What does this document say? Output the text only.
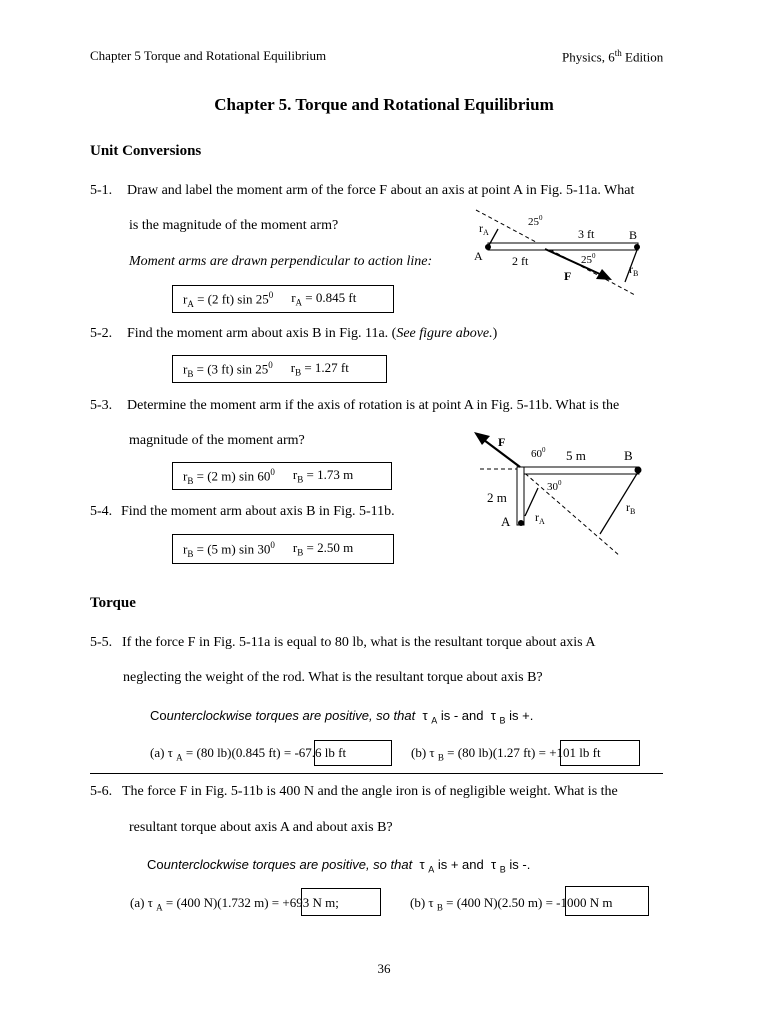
Chapter 5 Torque and Rotational Equilibrium	Physics, 6th Edition
Chapter 5. Torque and Rotational Equilibrium
Unit Conversions
5-1. Draw and label the moment arm of the force F about an axis at point A in Fig. 5-11a. What
is the magnitude of the moment arm?
Moment arms are drawn perpendicular to action line:
$r_A = (2$ ft) $\sin 25^0$ $r_A = 0.845$ ft
$r_A$
$25^0$
3 ft	B
A 2 ft	$25^0$
F	$r_B$
5-2. Find the moment arm about axis B in Fig. 11a. (See figure above.)
$r_B = (3$ ft) $\sin 25^0$ $r_B = 1.27$ ft
5-3. Determine the moment arm if the axis of rotation is at point A in Fig. 5-11b. What is the
magnitude of the moment arm?
$r_B = (2$ m) $\sin 60^0$ $r_B = 1.73$ m
5-4. Find the moment arm about axis B in Fig. 5-11b.
$r_B = (5$ m) $\sin 30^0$ $r_B = 2.50$ m
F
$60^0$ 5 m	B
$30^0$
2 m
A $r_A$
$r_B$
Torque
5-5. If the force F in Fig. 5-11a is equal to 80 lb, what is the resultant torque about axis A
neglecting the weight of the rod. What is the resultant torque about axis B?
Counterclockwise torques are positive, so that τ $_A$ is - and τ $_B$ is +.
(a) τ $_A$ = (80 lb)(0.845 ft) = -67.6 lb ft	(b) τ $_B$ = (80 lb)(1.27 ft) = +101 lb ft
5-6. The force F in Fig. 5-11b is 400 N and the angle iron is of negligible weight. What is the
resultant torque about axis A and about axis B?
Counterclockwise torques are positive, so that τ $_A$ is + and τ $_B$ is -.
(a) τ $_A$ = (400 N)(1.732 m) = +693 N m;	(b) τ $_B$ = (400 N)(2.50 m) = -1000 N m
36
